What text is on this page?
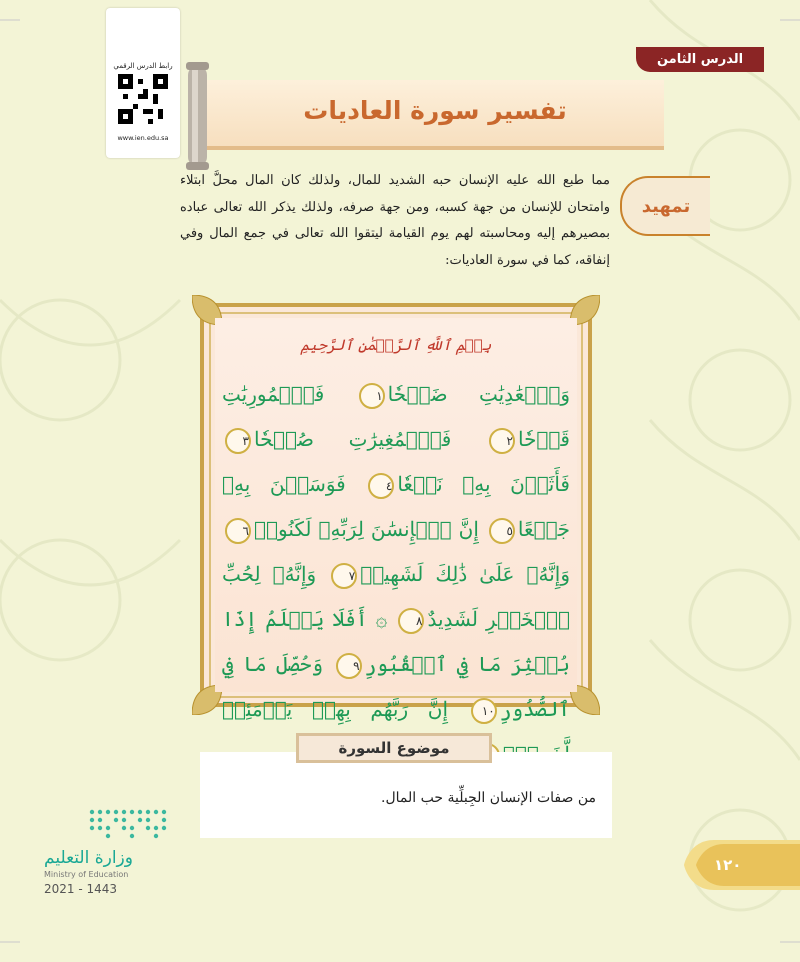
رابط الدرس الرقمي
www.ien.edu.sa
الدرس الثامن
تفسير سورة العاديات
تمهيد
مما طبع الله عليه الإنسان حبه الشديد للمال، ولذلك كان المال محلَّ ابتلاء وامتحان للإنسان من جهة كسبه، ومن جهة صرفه، ولذلك يذكر الله تعالى عباده بمصيرهم إليه ومحاسبته لهم يوم القيامة ليتقوا الله تعالى في جمع المال وفي إنفاقه، كما في سورة العاديات:
بِسۡمِ ٱللَّهِ ٱلرَّحۡمَٰنِ ٱلرَّحِيمِ
وَٱلۡعَٰدِيَٰتِ ضَبۡحٗا١ فَٱلۡمُورِيَٰتِ قَدۡحٗا٢ فَٱلۡمُغِيرَٰتِ صُبۡحٗا٣ فَأَثَرۡنَ بِهِۦ نَقۡعٗا٤ فَوَسَطۡنَ بِهِۦ جَمۡعًا٥ إِنَّ ٱلۡإِنسَٰنَ لِرَبِّهِۦ لَكَنُودٞ٦ وَإِنَّهُۥ عَلَىٰ ذَٰلِكَ لَشَهِيدٞ٧ وَإِنَّهُۥ لِحُبِّ ٱلۡخَيۡرِ لَشَدِيدٌ٨ ۞ أَفَلَا يَعۡلَمُ إِذَا بُعۡثِرَ مَا فِي ٱلۡقُبُورِ٩ وَحُصِّلَ مَا فِي ٱلصُّدُورِ١٠ إِنَّ رَبَّهُم بِهِمۡ يَوۡمَئِذٖ
موضوع السورة
من صفات الإنسان الجِبلِّية حب المال.
وزارة التعليم
Ministry of Education
2021 - 1443
١٢٠
